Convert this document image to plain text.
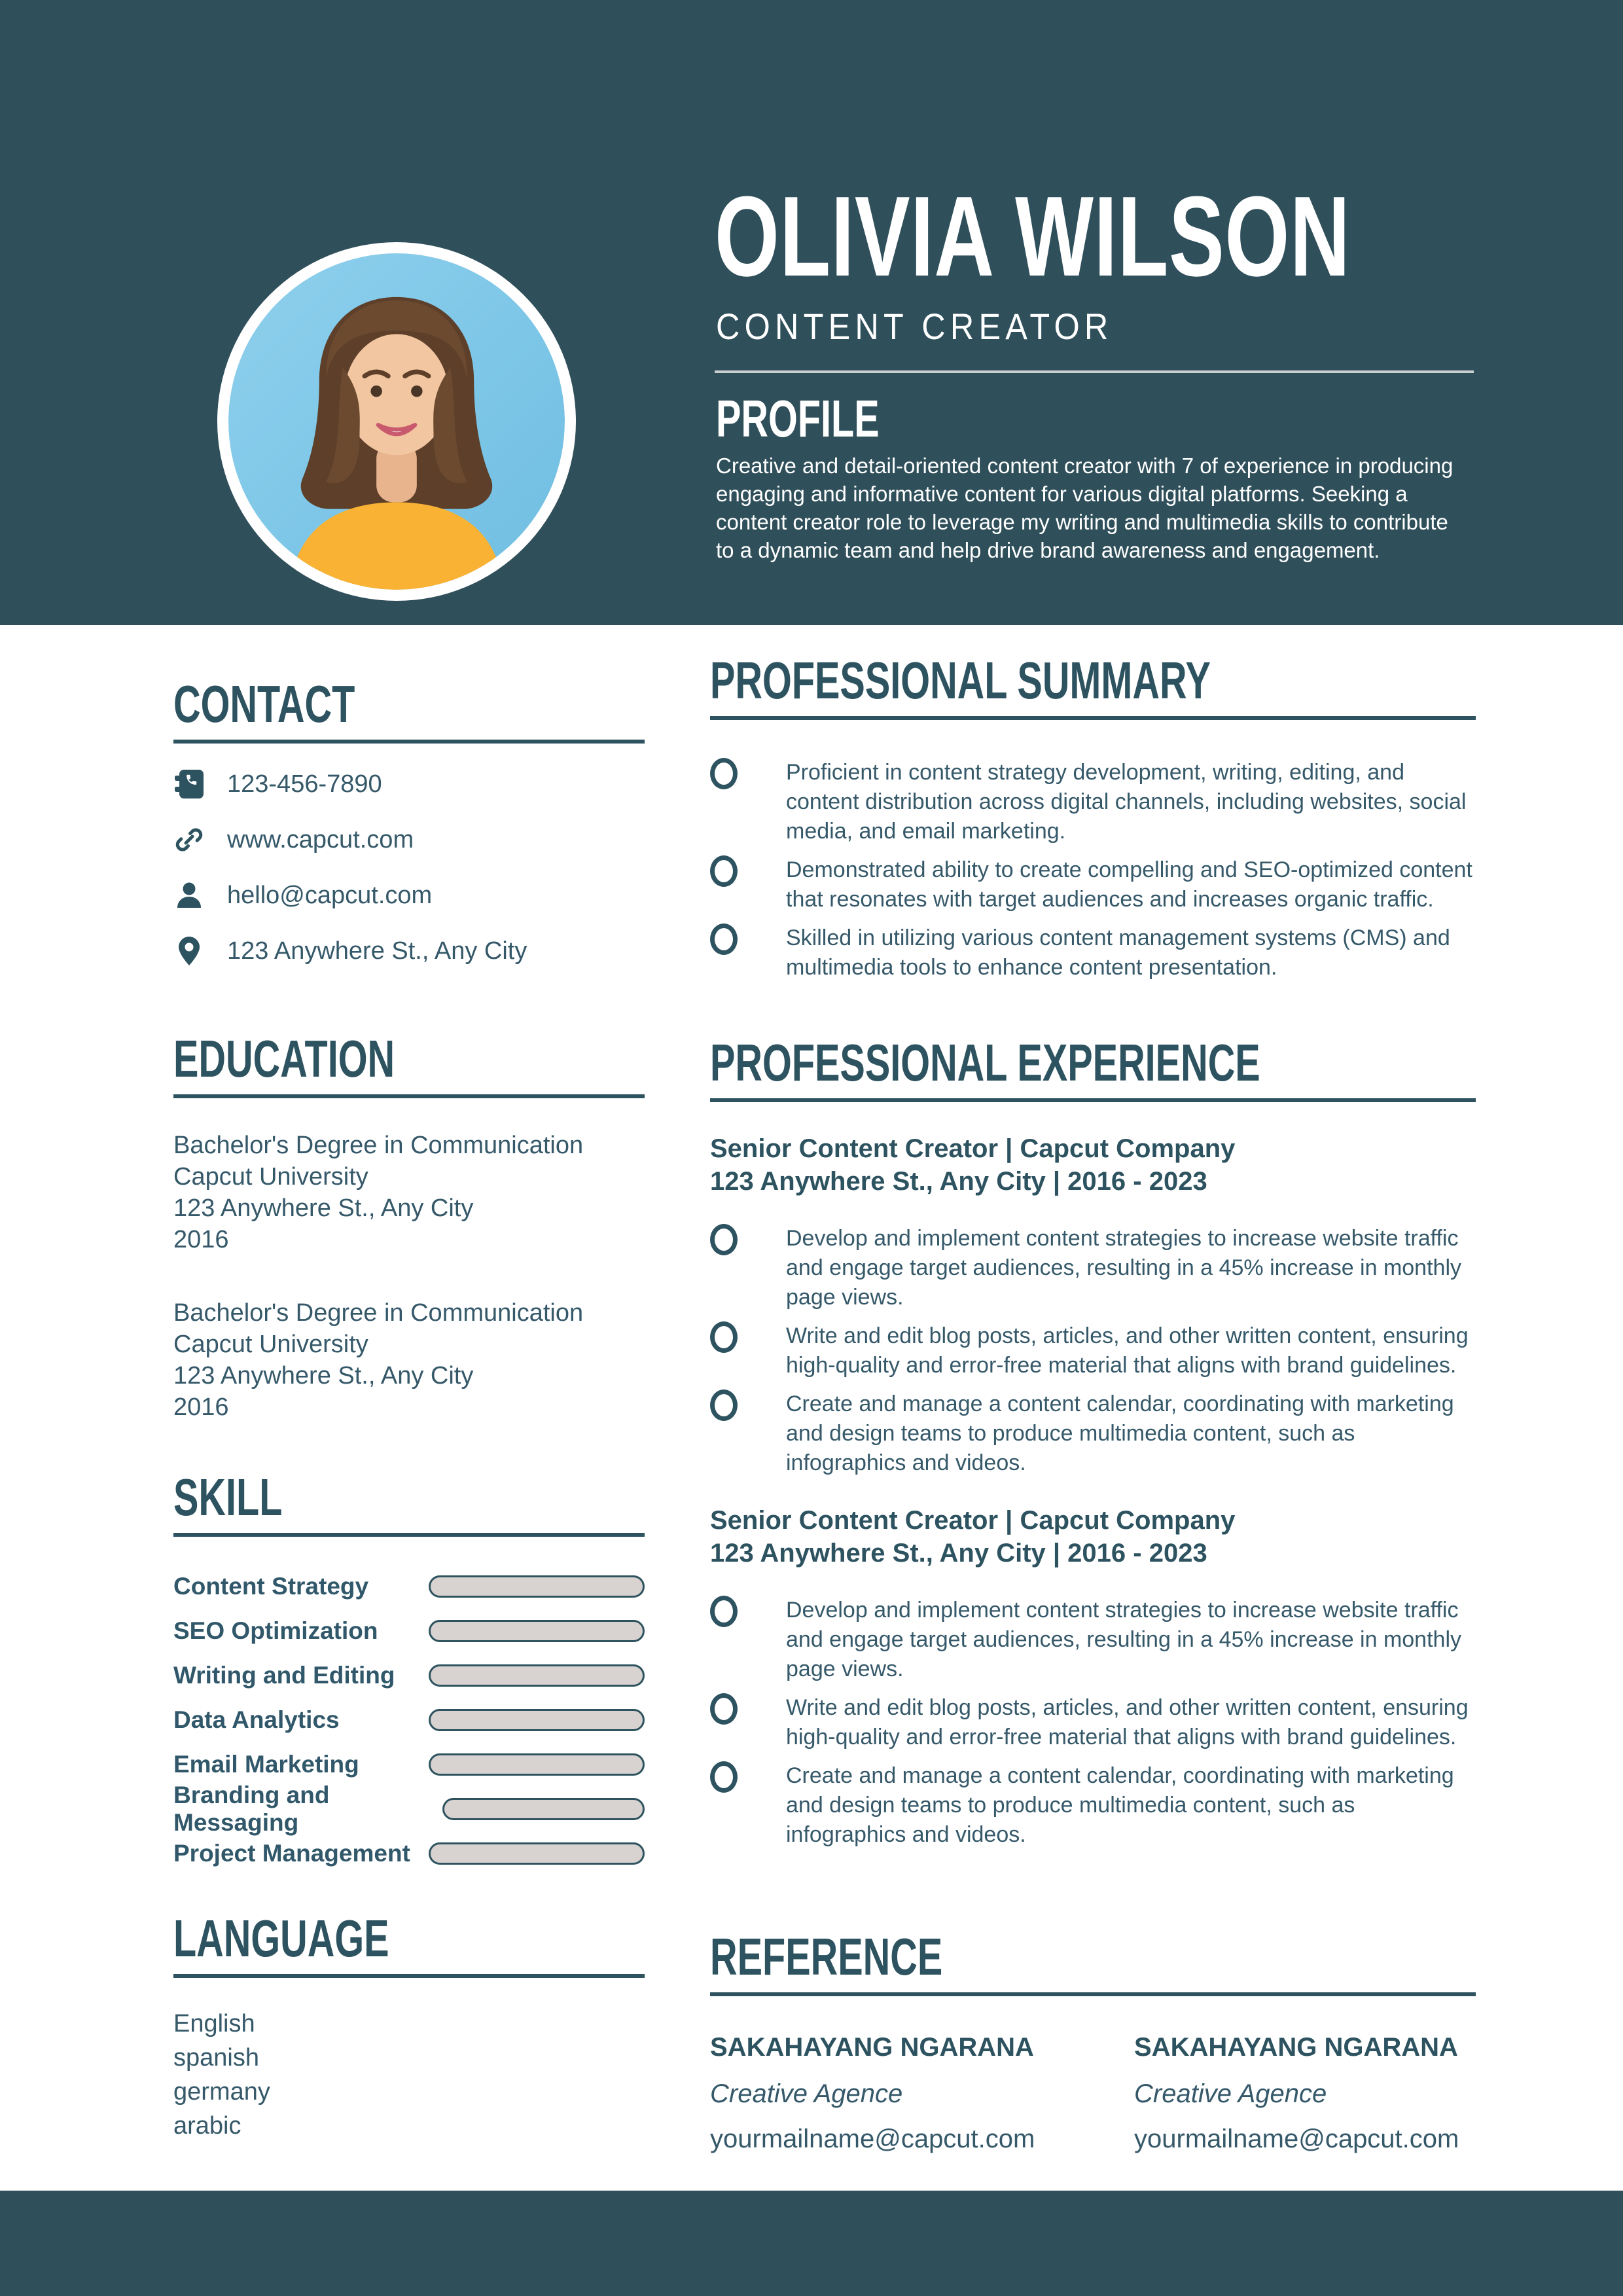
OLIVIA WILSON
CONTENT CREATOR
PROFILE
Creative and detail-oriented content creator with 7 of experience in producing engaging and informative content for various digital platforms. Seeking a content creator role to leverage my writing and multimedia skills to contribute to a dynamic team and help drive brand awareness and engagement.
CONTACT
123-456-7890
www.capcut.com
hello@capcut.com
123 Anywhere St., Any City
EDUCATION
Bachelor's Degree in Communication
Capcut University
123 Anywhere St., Any City
2016
Bachelor's Degree in Communication
Capcut University
123 Anywhere St., Any City
2016
SKILL
Content Strategy
SEO Optimization
Writing and Editing
Data Analytics
Email Marketing
Branding and Messaging
Project Management
LANGUAGE
English
spanish
germany
arabic
PROFESSIONAL SUMMARY

Proficient in content strategy development, writing, editing, and content distribution across digital channels, including websites, social media, and email marketing.

Demonstrated ability to create compelling and SEO-optimized content that resonates with target audiences and increases organic traffic.

Skilled in utilizing various content management systems (CMS) and multimedia tools to enhance content presentation.

PROFESSIONAL EXPERIENCE
Senior Content Creator | Capcut Company
123 Anywhere St., Any City | 2016 - 2023

Develop and implement content strategies to increase website traffic and engage target audiences, resulting in a 45% increase in monthly page views.

Write and edit blog posts, articles, and other written content, ensuring high-quality and error-free material that aligns with brand guidelines.

Create and manage a content calendar, coordinating with marketing and design teams to produce multimedia content, such as infographics and videos.

Senior Content Creator | Capcut Company
123 Anywhere St., Any City | 2016 - 2023

Develop and implement content strategies to increase website traffic and engage target audiences, resulting in a 45% increase in monthly page views.

Write and edit blog posts, articles, and other written content, ensuring high-quality and error-free material that aligns with brand guidelines.

Create and manage a content calendar, coordinating with marketing and design teams to produce multimedia content, such as infographics and videos.

REFERENCE
SAKAHAYANG NGARANA
Creative Agence
yourmailname@capcut.com
SAKAHAYANG NGARANA
Creative Agence
yourmailname@capcut.com
